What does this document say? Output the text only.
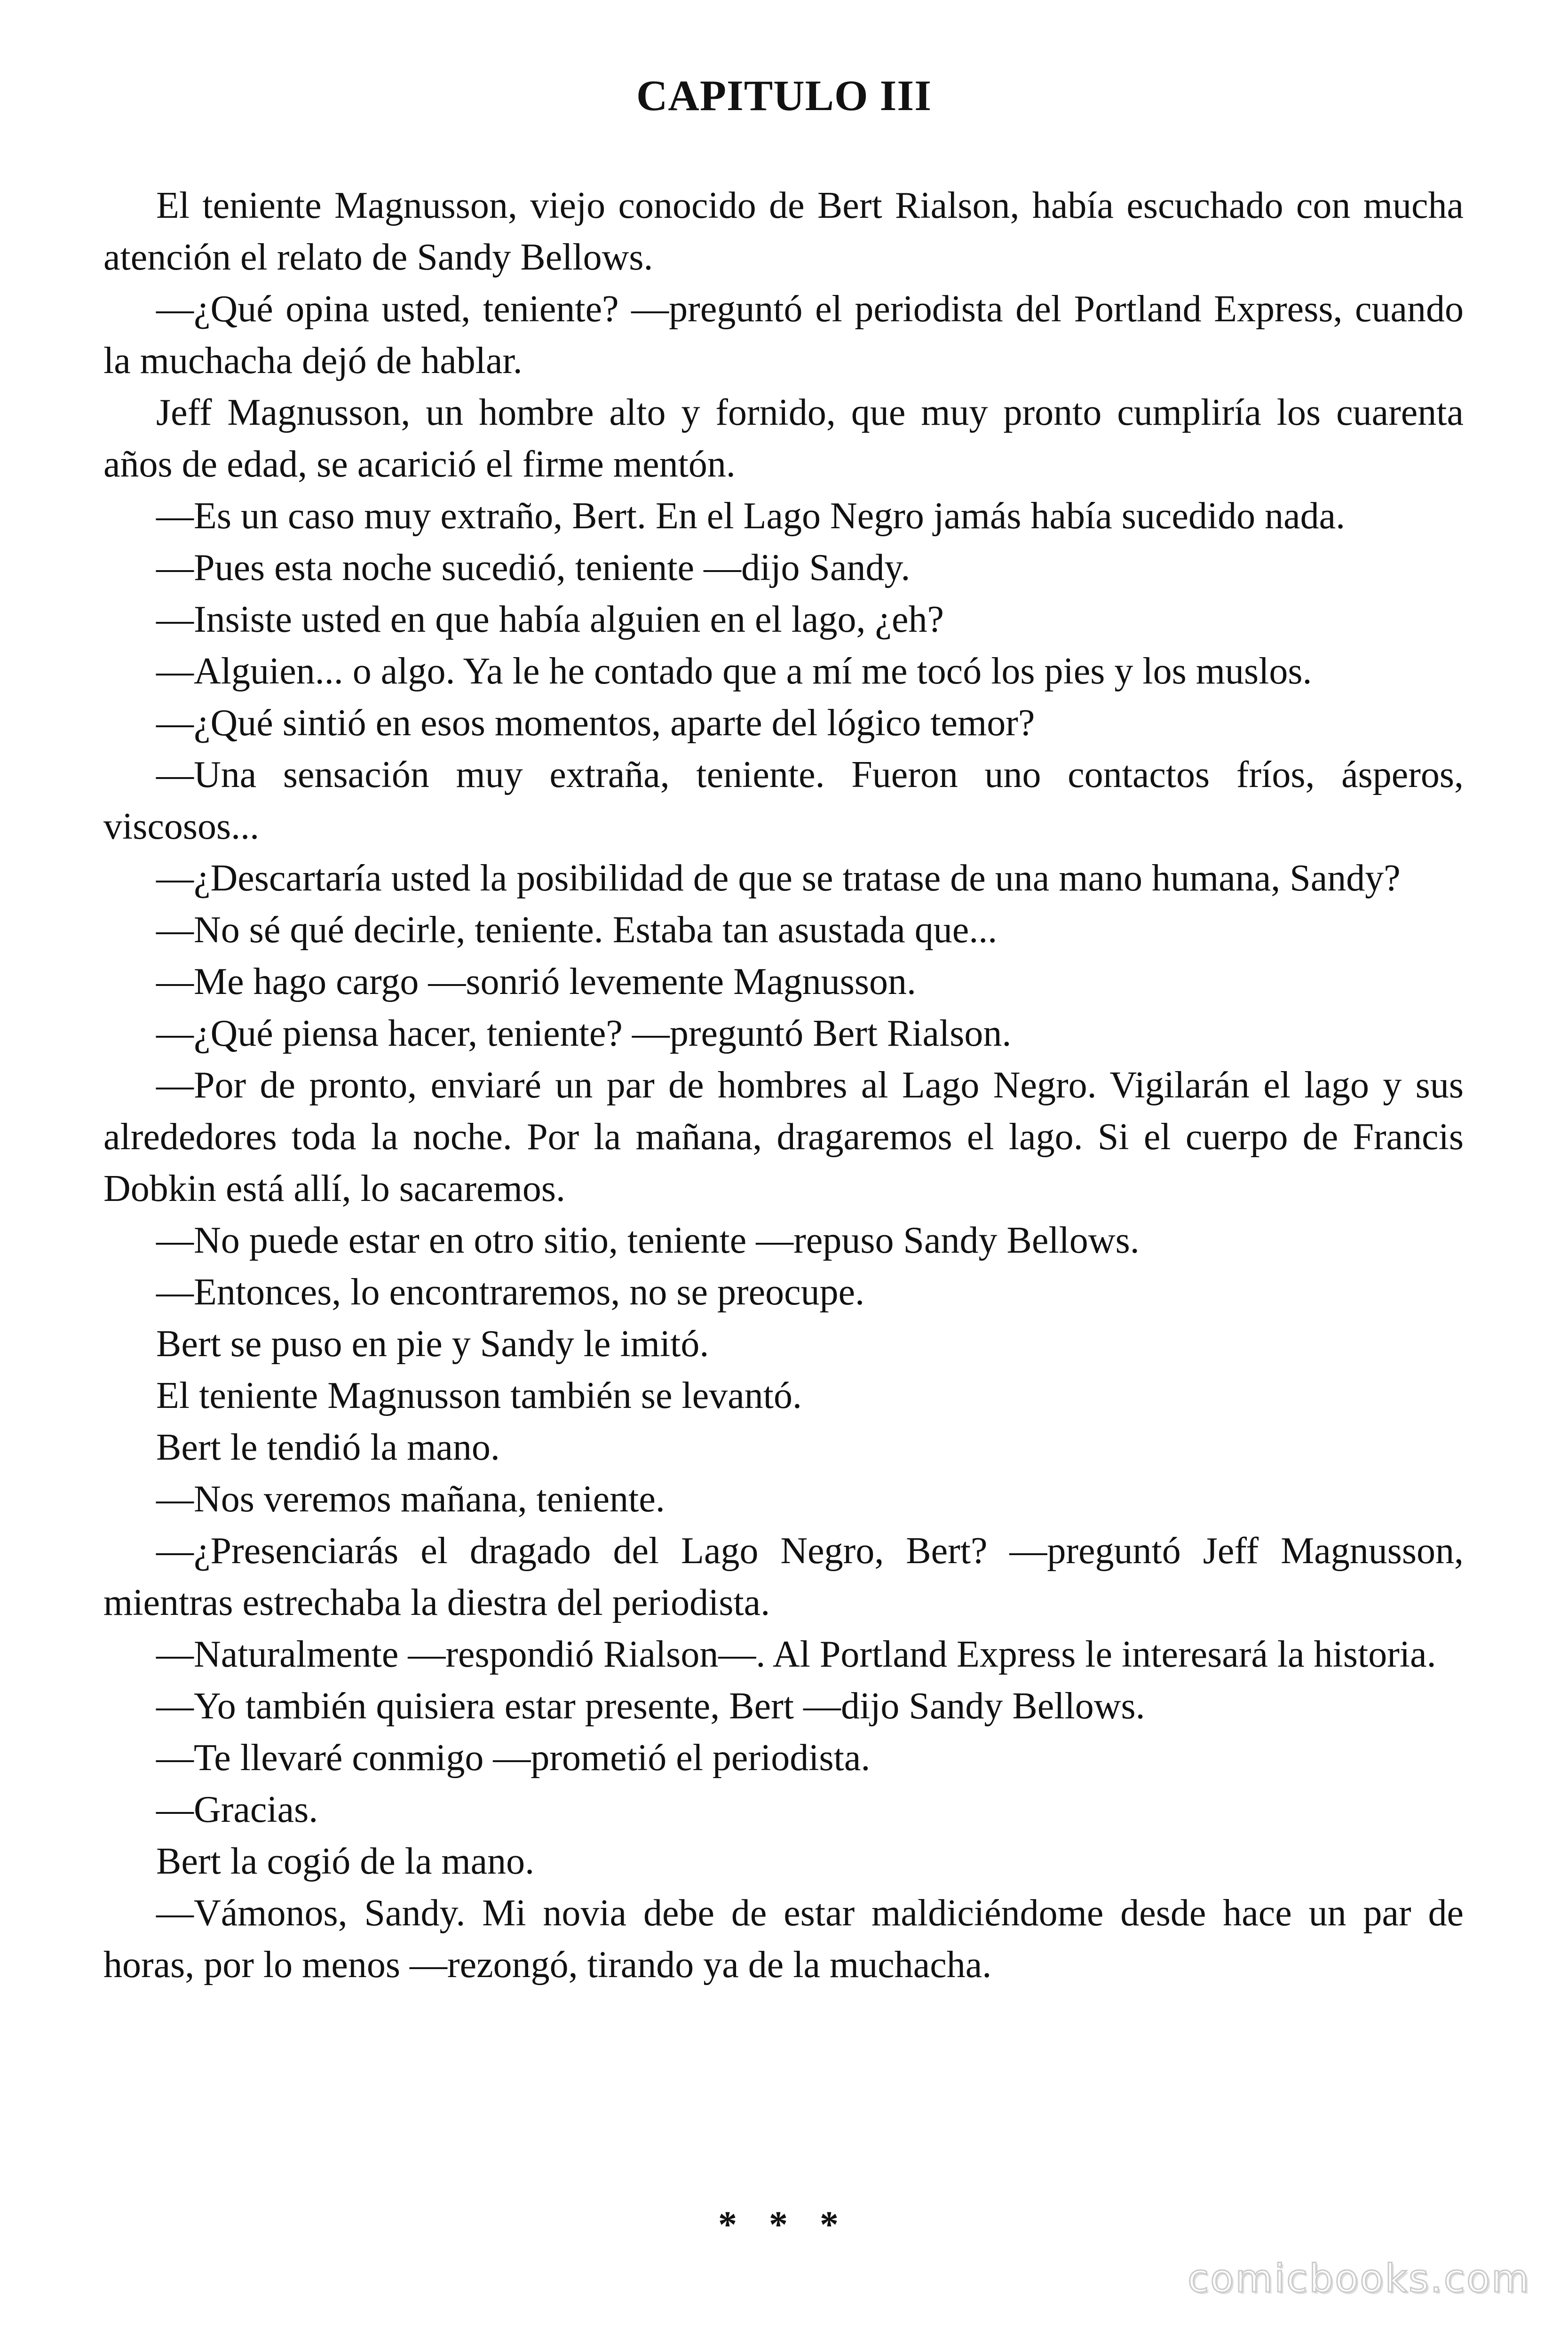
CAPITULO III

El teniente Magnusson, viejo conocido de Bert Rialson, había escuchado con mucha atención el relato de Sandy Bellows.

—¿Qué opina usted, teniente? —preguntó el periodista del Portland Express, cuando la muchacha dejó de hablar.

Jeff Magnusson, un hombre alto y fornido, que muy pronto cumpliría los cuarenta años de edad, se acarició el firme mentón.

—Es un caso muy extraño, Bert. En el Lago Negro jamás había sucedido nada.

—Pues esta noche sucedió, teniente —dijo Sandy.

—Insiste usted en que había alguien en el lago, ¿eh?

—Alguien... o algo. Ya le he contado que a mí me tocó los pies y los muslos.

—¿Qué sintió en esos momentos, aparte del lógico temor?

—Una sensación muy extraña, teniente. Fueron uno contactos fríos, ásperos, viscosos...

—¿Descartaría usted la posibilidad de que se tratase de una mano humana, Sandy?

—No sé qué decirle, teniente. Estaba tan asustada que...

—Me hago cargo —sonrió levemente Magnusson.

—¿Qué piensa hacer, teniente? —preguntó Bert Rialson.

—Por de pronto, enviaré un par de hombres al Lago Negro. Vigilarán el lago y sus alrededores toda la noche. Por la mañana, dragaremos el lago. Si el cuerpo de Francis Dobkin está allí, lo sacaremos.

—No puede estar en otro sitio, teniente —repuso Sandy Bellows.

—Entonces, lo encontraremos, no se preocupe.

Bert se puso en pie y Sandy le imitó.

El teniente Magnusson también se levantó.

Bert le tendió la mano.

—Nos veremos mañana, teniente.

—¿Presenciarás el dragado del Lago Negro, Bert? —preguntó Jeff Magnusson, mientras estrechaba la diestra del periodista.

—Naturalmente —respondió Rialson—. Al Portland Express le interesará la historia.

—Yo también quisiera estar presente, Bert —dijo Sandy Bellows.

—Te llevaré conmigo —prometió el periodista.

—Gracias.

Bert la cogió de la mano.

—Vámonos, Sandy. Mi novia debe de estar maldiciéndome desde hace un par de horas, por lo menos —rezongó, tirando ya de la muchacha.

* * *
comicbooks.com
